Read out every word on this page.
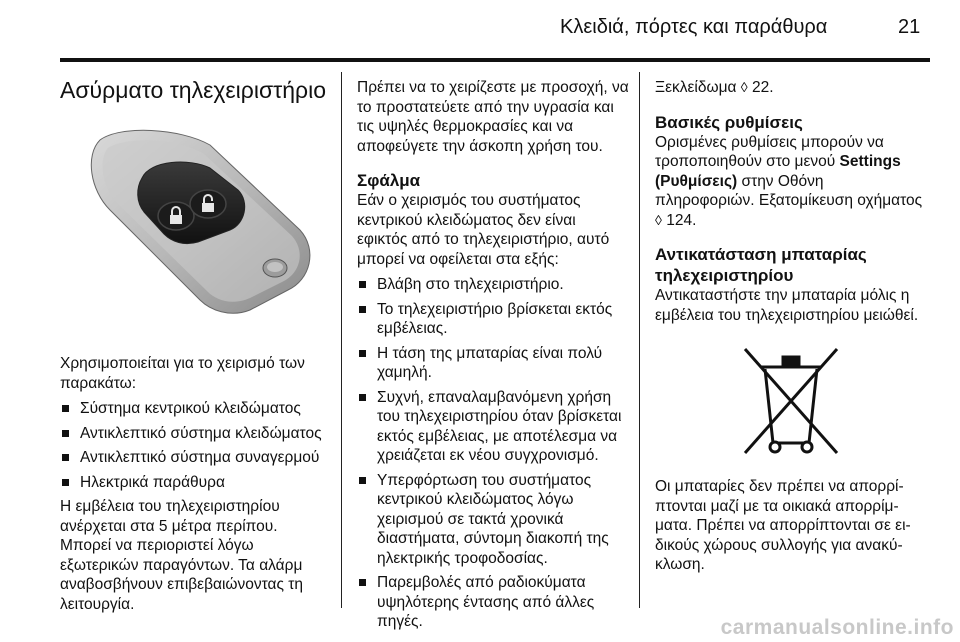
Κλειδιά, πόρτες και παράθυρα	21
Ασύρματο τηλεχειριστήριο

Χρησιμοποιείται για το χειρισμό των παρακάτω:

Σύστημα κεντρικού κλειδώματος
Αντικλεπτικό σύστημα κλειδώματος
Αντικλεπτικό σύστημα συναγερμού
Ηλεκτρικά παράθυρα

Η εμβέλεια του τηλεχειριστηρίου ανέρχεται στα 5 μέτρα περίπου. Μπορεί να περιοριστεί λόγω εξωτερικών παραγόντων. Τα αλάρμ αναβοσβήνουν επιβεβαιώνοντας τη λειτουργία.

Πρέπει να το χειρίζεστε με προσοχή, να το προστατεύετε από την υγρασία και τις υψηλές θερμοκρασίες και να αποφεύγετε την άσκοπη χρήση του.

Σφάλμα

Εάν ο χειρισμός του συστήματος κεντρικού κλειδώματος δεν είναι εφικτός από το τηλεχειριστήριο, αυτό μπορεί να οφείλεται στα εξής:

Βλάβη στο τηλεχειριστήριο.
Το τηλεχειριστήριο βρίσκεται εκτός εμβέλειας.
Η τάση της μπαταρίας είναι πολύ χαμηλή.
Συχνή, επαναλαμβανόμενη χρήση του τηλεχειριστηρίου όταν βρίσκεται εκτός εμβέλειας, με αποτέλεσμα να χρειάζεται εκ νέου συγχρονισμό.
Υπερφόρτωση του συστήματος κεντρικού κλειδώματος λόγω χειρισμού σε τακτά χρονικά διαστήματα, σύντομη διακοπή της ηλεκτρικής τροφοδοσίας.
Παρεμβολές από ραδιοκύματα υψηλότερης έντασης από άλλες πηγές.

Ξεκλείδωμα ◊ 22.

Βασικές ρυθμίσεις

Ορισμένες ρυθμίσεις μπορούν να τροποποιηθούν στο μενού Settings (Ρυθμίσεις) στην Οθόνη πληροφοριών. Εξατομίκευση οχήματος ◊ 124.

Αντικατάσταση μπαταρίας τηλεχειριστηρίου

Αντικαταστήστε την μπαταρία μόλις η εμβέλεια του τηλεχειριστηρίου μειώθεί.

Οι μπαταρίες δεν πρέπει να απορρίπτονται μαζί με τα οικιακά απορρίμματα. Πρέπει να απορρίπτονται σε ειδικούς χώρους συλλογής για ανακύκλωση.

carmanualsonline.info
